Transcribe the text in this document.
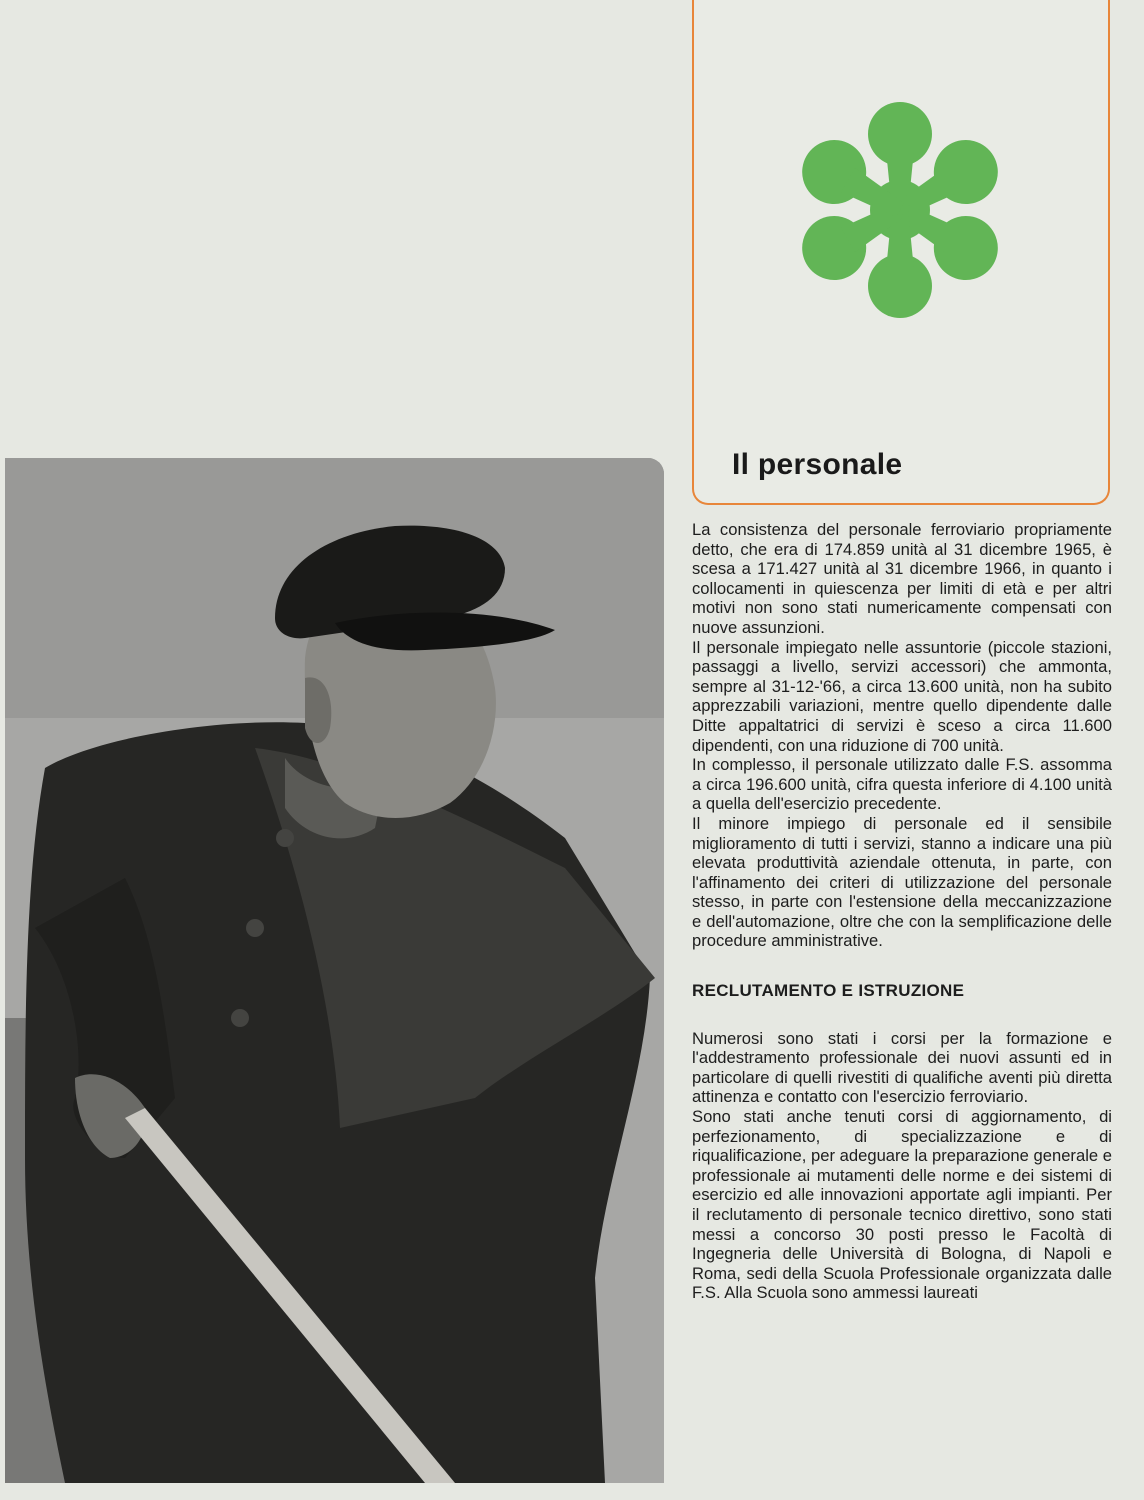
Il personale

La consistenza del personale ferroviario propriamente detto, che era di 174.859 unità al 31 dicembre 1965, è scesa a 171.427 unità al 31 dicembre 1966, in quanto i collocamenti in quiescenza per limiti di età e per altri motivi non sono stati numericamente compensati con nuove assunzioni.

Il personale impiegato nelle assuntorie (piccole stazioni, passaggi a livello, servizi accessori) che ammonta, sempre al 31-12-'66, a circa 13.600 unità, non ha subito apprezzabili variazioni, mentre quello dipendente dalle Ditte appaltatrici di servizi è sceso a circa 11.600 dipendenti, con una riduzione di 700 unità.

In complesso, il personale utilizzato dalle F.S. assomma a circa 196.600 unità, cifra questa inferiore di 4.100 unità a quella dell'esercizio precedente.

Il minore impiego di personale ed il sensibile miglioramento di tutti i servizi, stanno a indicare una più elevata produttività aziendale ottenuta, in parte, con l'affinamento dei criteri di utilizzazione del personale stesso, in parte con l'estensione della meccanizzazione e dell'automazione, oltre che con la semplificazione delle procedure amministrative.

RECLUTAMENTO E ISTRUZIONE

Numerosi sono stati i corsi per la formazione e l'addestramento professionale dei nuovi assunti ed in particolare di quelli rivestiti di qualifiche aventi più diretta attinenza e contatto con l'esercizio ferroviario.

Sono stati anche tenuti corsi di aggiornamento, di perfezionamento, di specializzazione e di riqualificazione, per adeguare la preparazione generale e professionale ai mutamenti delle norme e dei sistemi di esercizio ed alle innovazioni apportate agli impianti. Per il reclutamento di personale tecnico direttivo, sono stati messi a concorso 30 posti presso le Facoltà di Ingegneria delle Università di Bologna, di Napoli e Roma, sedi della Scuola Professionale organizzata dalle F.S. Alla Scuola sono ammessi laureati
